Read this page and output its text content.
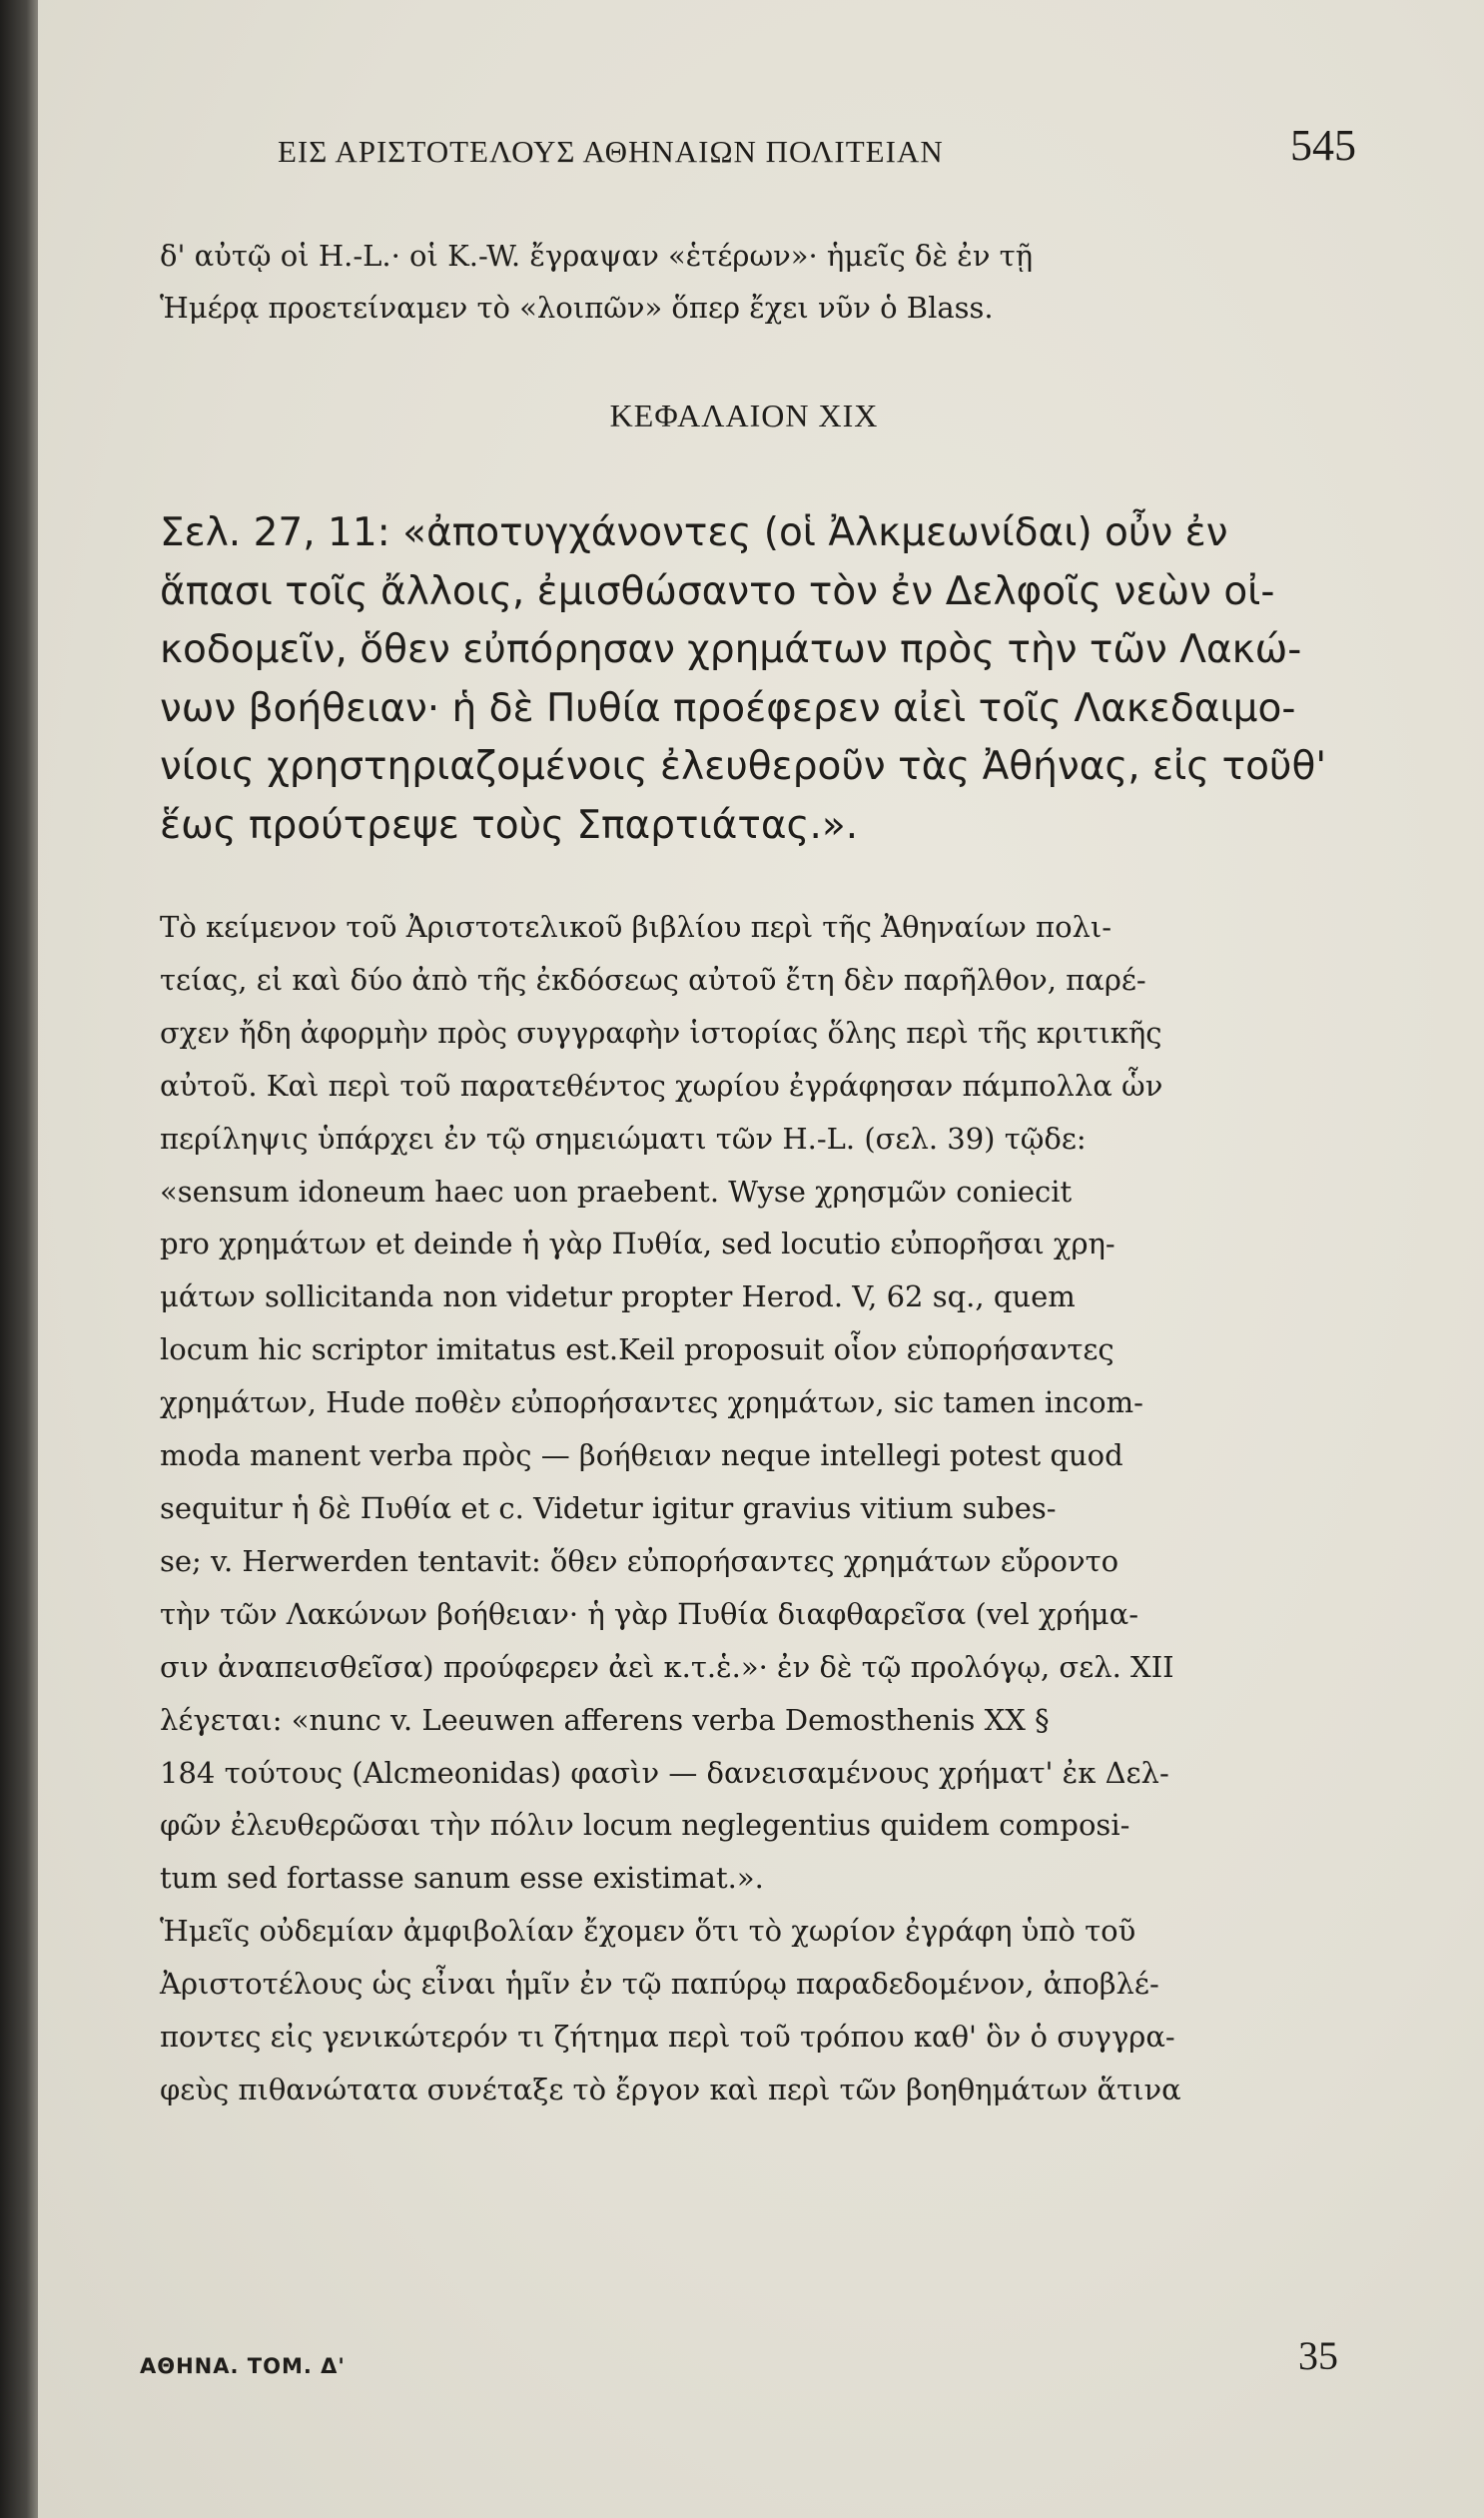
ΕΙΣ ΑΡΙΣΤΟΤΕΛΟΥΣ ΑΘΗΝΑΙΩΝ ΠΟΛΙΤΕΙΑΝ	545
δ' αὐτῷ οἱ H.-L.· οἱ K.-W. ἔγραψαν «ἑτέρων»· ἡμεῖς δὲ ἐν τῇ
Ἡμέρᾳ προετείναμεν τὸ «λοιπῶν» ὅπερ ἔχει νῦν ὁ Blass.
ΚΕΦΑΛΑΙΟΝ XIX
Σελ. 27, 11: «ἀποτυγχάνοντες (οἱ Ἀλκμεωνίδαι) οὖν ἐν
ἅπασι τοῖς ἄλλοις, ἐμισθώσαντο τὸν ἐν Δελφοῖς νεὼν οἰ-
κοδομεῖν, ὅθεν εὐπόρησαν χρημάτων πρὸς τὴν τῶν Λακώ-
νων βοήθειαν· ἡ δὲ Πυθία προέφερεν αἰεὶ τοῖς Λακεδαιμο-
νίοις χρηστηριαζομένοις ἐλευθεροῦν τὰς Ἀθήνας, εἰς τοῦθ'
ἕως προύτρεψε τοὺς Σπαρτιάτας.».
Τὸ κείμενον τοῦ Ἀριστοτελικοῦ βιβλίου περὶ τῆς Ἀθηναίων πολι-
τείας, εἰ καὶ δύο ἀπὸ τῆς ἐκδόσεως αὐτοῦ ἔτη δὲν παρῆλθον, παρέ-
σχεν ἤδη ἀφορμὴν πρὸς συγγραφὴν ἱστορίας ὅλης περὶ τῆς κριτικῆς
αὐτοῦ. Καὶ περὶ τοῦ παρατεθέντος χωρίου ἐγράφησαν πάμπολλα ὧν
περίληψις ὑπάρχει ἐν τῷ σημειώματι τῶν H.-L. (σελ. 39) τῷδε:
«sensum idoneum haec uon praebent. Wyse χρησμῶν coniecit
pro χρημάτων et deinde ἡ γὰρ Πυθία, sed locutio εὐπορῆσαι χρη-
μάτων sollicitanda non videtur propter Herod. V, 62 sq., quem
locum hic scriptor imitatus est.Keil proposuit οἷον εὐπορήσαντες
χρημάτων, Hude ποθὲν εὐπορήσαντες χρημάτων, sic tamen incom-
moda manent verba πρὸς — βοήθειαν neque intellegi potest quod
sequitur ἡ δὲ Πυθία et c. Videtur igitur gravius vitium subes-
se; v. Herwerden tentavit: ὅθεν εὐπορήσαντες χρημάτων εὔροντο
τὴν τῶν Λακώνων βοήθειαν· ἡ γὰρ Πυθία διαφθαρεῖσα (vel χρήμα-
σιν ἀναπεισθεῖσα) προύφερεν ἀεὶ κ.τ.ἑ.»· ἐν δὲ τῷ προλόγῳ, σελ. XII
λέγεται: «nunc v. Leeuwen afferens verba Demosthenis XX §
184 τούτους (Alcmeonidas) φασὶν — δανεισαμένους χρήματ' ἐκ Δελ-
φῶν ἐλευθερῶσαι τὴν πόλιν locum neglegentius quidem composi-
tum sed fortasse sanum esse existimat.».
Ἡμεῖς οὐδεμίαν ἀμφιβολίαν ἔχομεν ὅτι τὸ χωρίον ἐγράφη ὑπὸ τοῦ
Ἀριστοτέλους ὡς εἶναι ἡμῖν ἐν τῷ παπύρῳ παραδεδομένον, ἀποβλέ-
ποντες εἰς γενικώτερόν τι ζήτημα περὶ τοῦ τρόπου καθ' ὃν ὁ συγγρα-
φεὺς πιθανώτατα συνέταξε τὸ ἔργον καὶ περὶ τῶν βοηθημάτων ἅτινα
ΑΘΗΝΑ. ΤΟΜ. Δ'	35
